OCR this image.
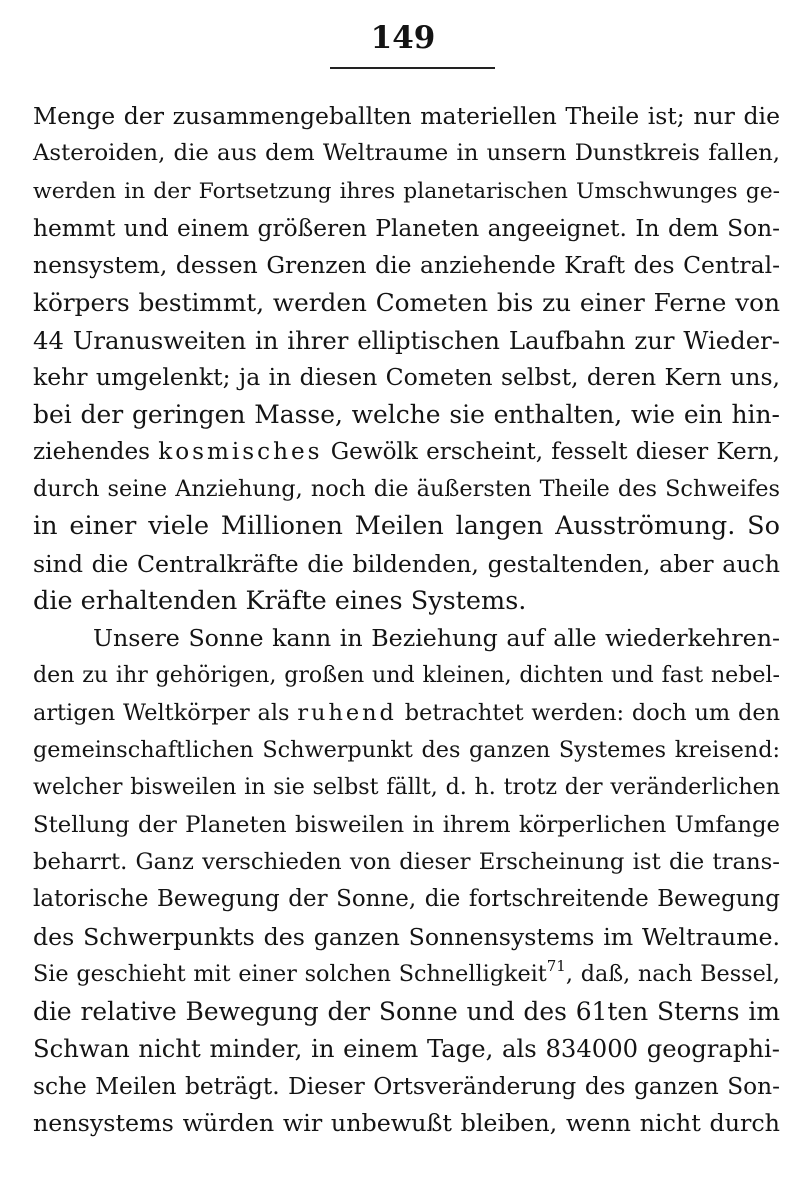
149
Menge der zusammengeballten materiellen Theile ist; nur die
Asteroiden, die aus dem Weltraume in unsern Dunstkreis fallen,
werden in der Fortsetzung ihres planetarischen Umschwunges ge-
hemmt und einem größeren Planeten angeeignet. In dem Son-
nensystem, dessen Grenzen die anziehende Kraft des Central-
körpers bestimmt, werden Cometen bis zu einer Ferne von
44 Uranusweiten in ihrer elliptischen Laufbahn zur Wieder-
kehr umgelenkt; ja in diesen Cometen selbst, deren Kern uns,
bei der geringen Masse, welche sie enthalten, wie ein hin-
ziehendes kosmisches Gewölk erscheint, fesselt dieser Kern,
durch seine Anziehung, noch die äußersten Theile des Schweifes
in einer viele Millionen Meilen langen Ausströmung. So
sind die Centralkräfte die bildenden, gestaltenden, aber auch
die erhaltenden Kräfte eines Systems.
Unsere Sonne kann in Beziehung auf alle wiederkehren-
den zu ihr gehörigen, großen und kleinen, dichten und fast nebel-
artigen Weltkörper als ruhend betrachtet werden: doch um den
gemeinschaftlichen Schwerpunkt des ganzen Systemes kreisend:
welcher bisweilen in sie selbst fällt, d. h. trotz der veränderlichen
Stellung der Planeten bisweilen in ihrem körperlichen Umfange
beharrt. Ganz verschieden von dieser Erscheinung ist die trans-
latorische Bewegung der Sonne, die fortschreitende Bewegung
des Schwerpunkts des ganzen Sonnensystems im Weltraume.
Sie geschieht mit einer solchen Schnelligkeit$^{71}$, daß, nach Bessel,
die relative Bewegung der Sonne und des 61ten Sterns im
Schwan nicht minder, in einem Tage, als 834000 geographi-
sche Meilen beträgt. Dieser Ortsveränderung des ganzen Son-
nensystems würden wir unbewußt bleiben, wenn nicht durch
